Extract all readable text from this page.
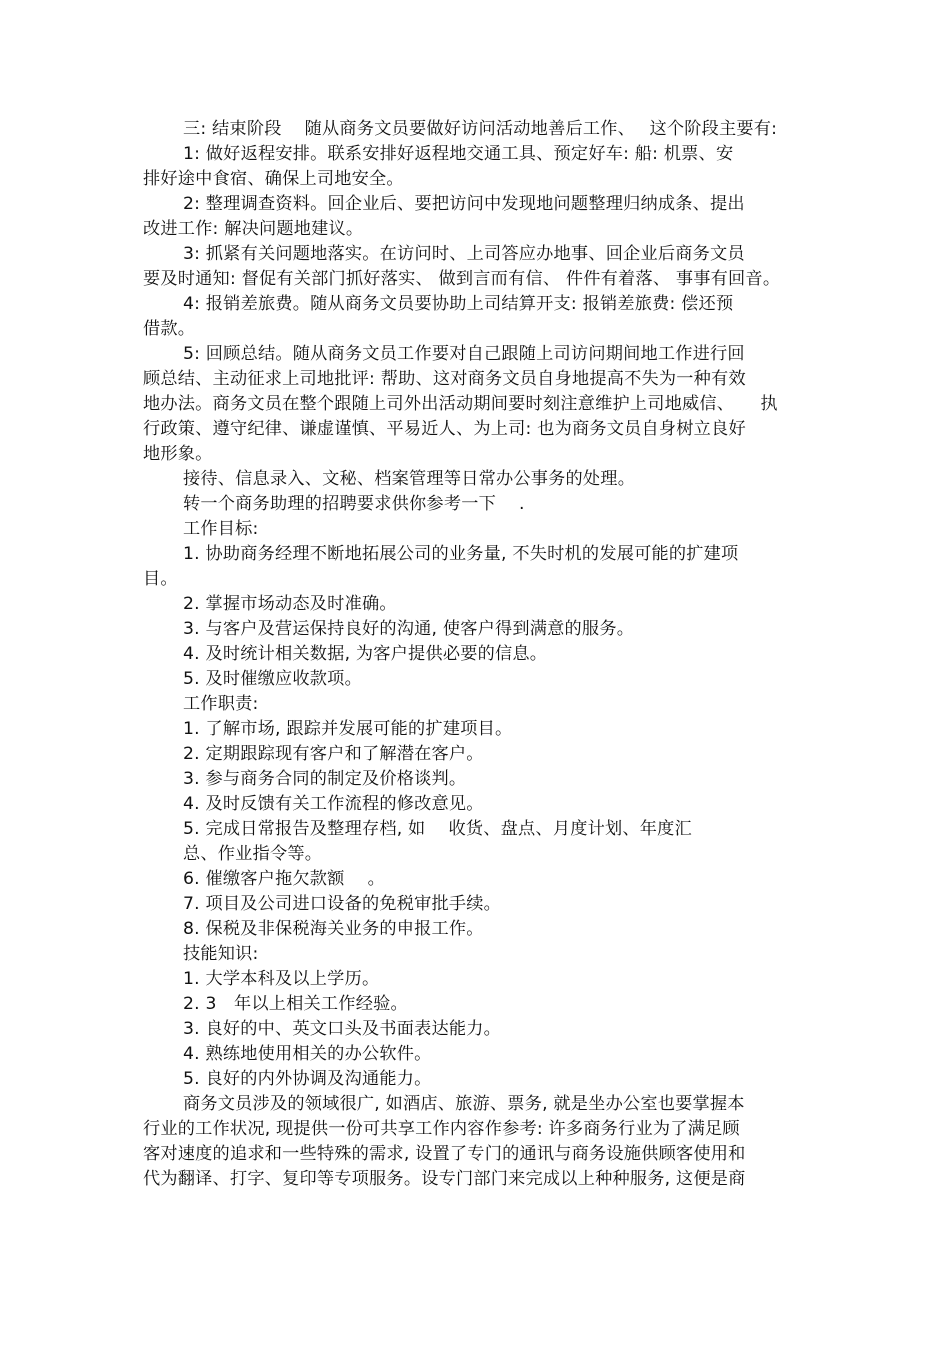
三: 结束阶段　 随从商务文员要做好访问活动地善后工作、　 这个阶段主要有:
1: 做好返程安排。联系安排好返程地交通工具、预定好车: 船: 机票、安
排好途中食宿、确保上司地安全。
2: 整理调查资料。回企业后、要把访问中发现地问题整理归纳成条、提出
改进工作: 解决问题地建议。
3: 抓紧有关问题地落实。在访问时、上司答应办地事、回企业后商务文员
要及时通知: 督促有关部门抓好落实、 做到言而有信、 件件有着落、 事事有回音。
4: 报销差旅费。随从商务文员要协助上司结算开支: 报销差旅费: 偿还预
借款。
5: 回顾总结。随从商务文员工作要对自己跟随上司访问期间地工作进行回
顾总结、主动征求上司地批评: 帮助、这对商务文员自身地提高不失为一种有效
地办法。商务文员在整个跟随上司外出活动期间要时刻注意维护上司地威信、　　执
行政策、遵守纪律、谦虚谨慎、平易近人、为上司: 也为商务文员自身树立良好
地形象。
接待、信息录入、文秘、档案管理等日常办公事务的处理。
转一个商务助理的招聘要求供你参考一下　 .
工作目标:
1. 协助商务经理不断地拓展公司的业务量, 不失时机的发展可能的扩建项
目。
2. 掌握市场动态及时准确。
3. 与客户及营运保持良好的沟通, 使客户得到满意的服务。
4. 及时统计相关数据, 为客户提供必要的信息。
5. 及时催缴应收款项。
工作职责:
1. 了解市场, 跟踪并发展可能的扩建项目。
2. 定期跟踪现有客户和了解潜在客户。
3. 参与商务合同的制定及价格谈判。
4. 及时反馈有关工作流程的修改意见。
5. 完成日常报告及整理存档, 如　 收货、盘点、月度计划、年度汇
总、作业指令等。
6. 催缴客户拖欠款额　 。
7. 项目及公司进口设备的免税审批手续。
8. 保税及非保税海关业务的申报工作。
技能知识:
1. 大学本科及以上学历。
2. 3　年以上相关工作经验。
3. 良好的中、英文口头及书面表达能力。
4. 熟练地使用相关的办公软件。
5. 良好的内外协调及沟通能力。
商务文员涉及的领域很广, 如酒店、旅游、票务, 就是坐办公室也要掌握本
行业的工作状况, 现提供一份可共享工作内容作参考: 许多商务行业为了满足顾
客对速度的追求和一些特殊的需求, 设置了专门的通讯与商务设施供顾客使用和
代为翻译、打字、复印等专项服务。设专门部门来完成以上种种服务, 这便是商
